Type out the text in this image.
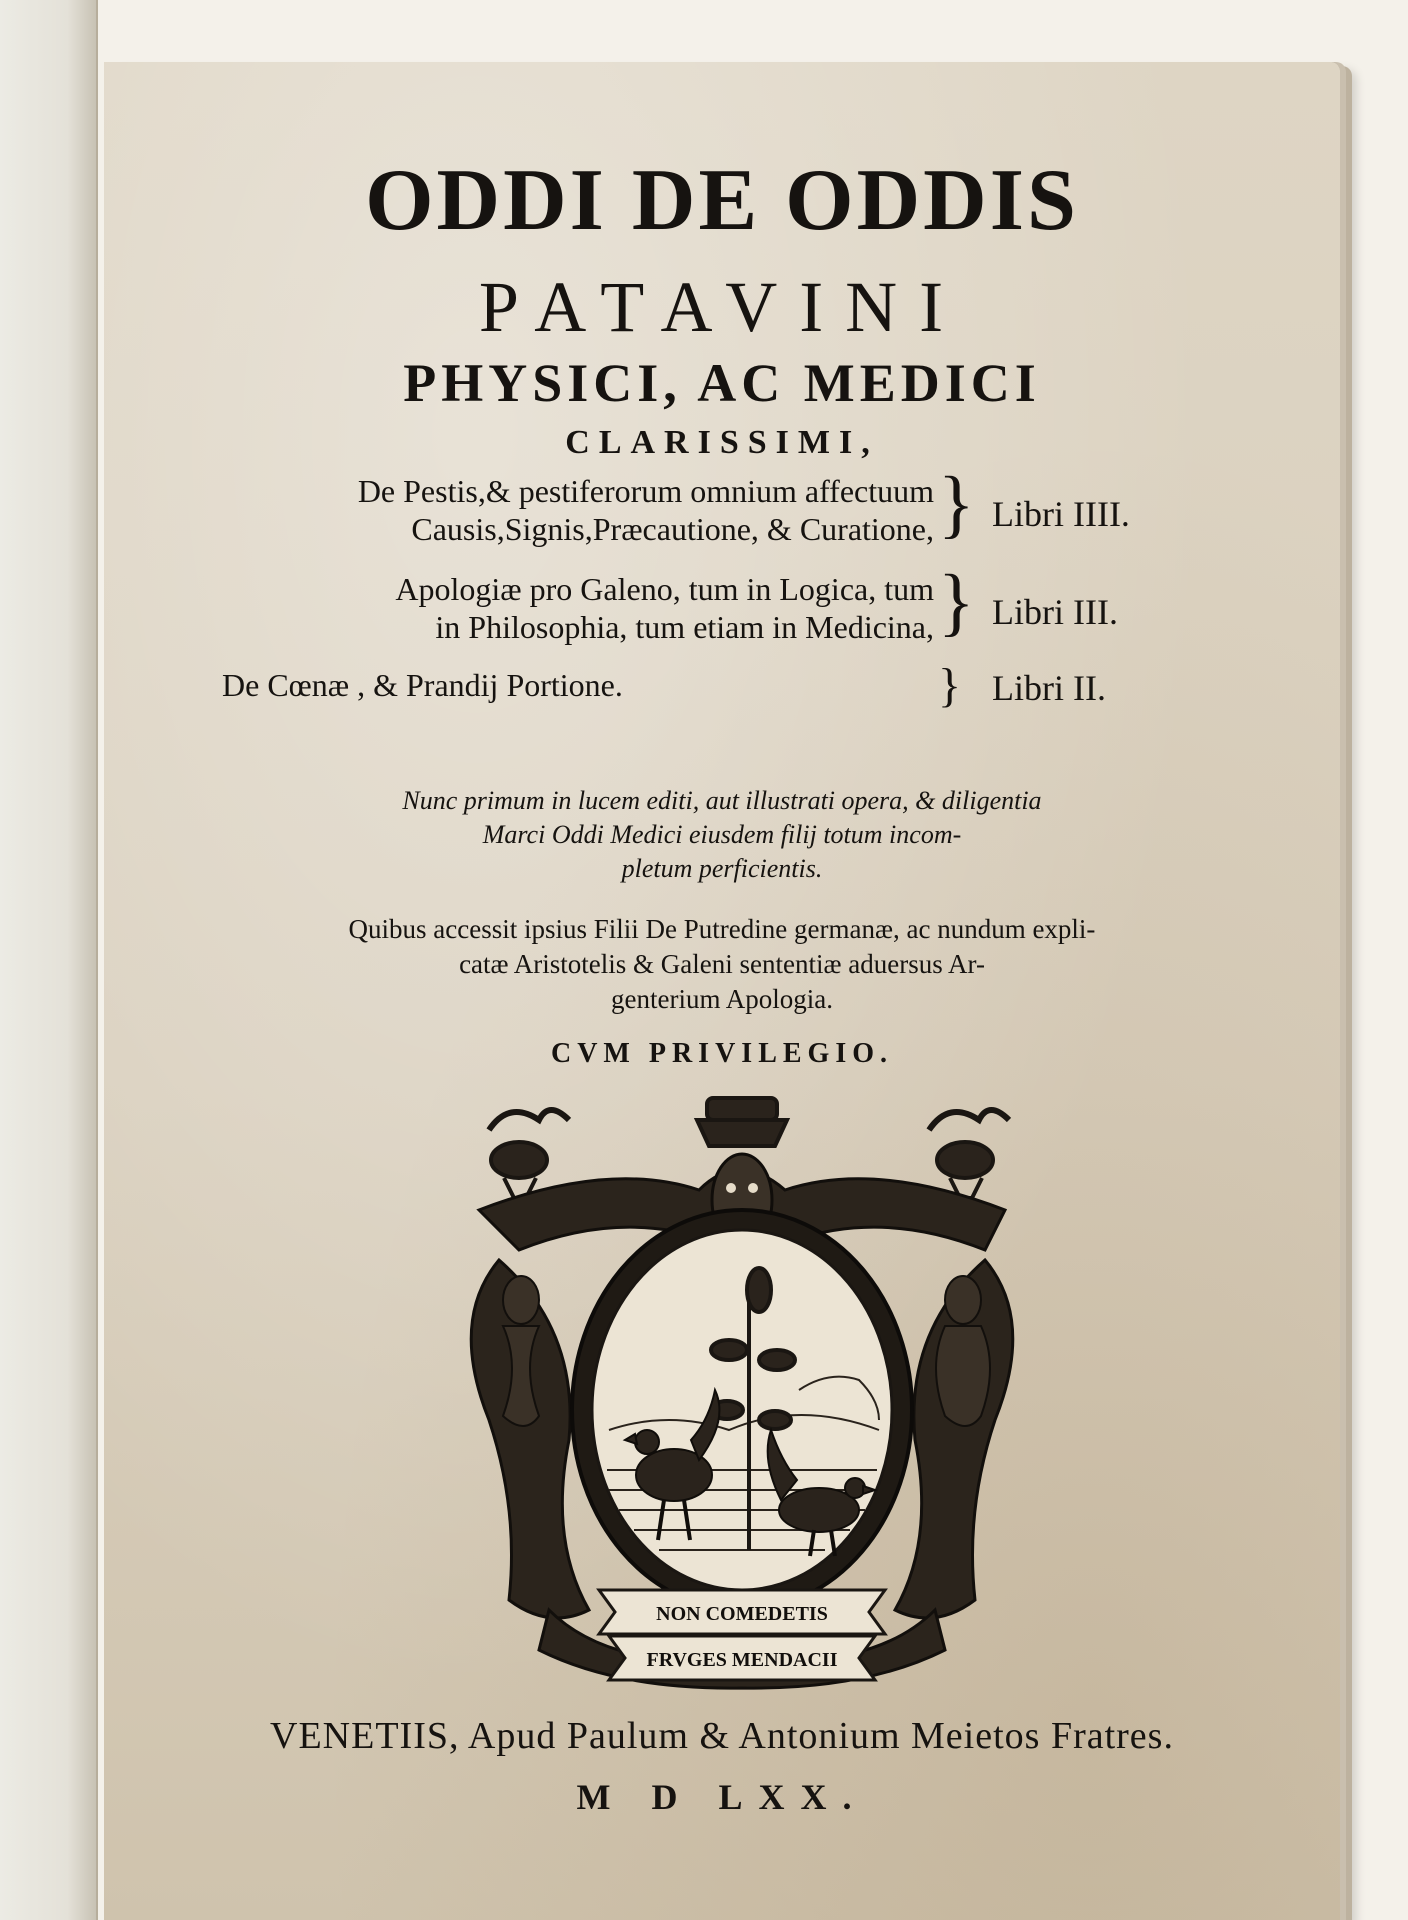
ODDI DE ODDIS
PATAVINI
PHYSICI, AC MEDICI
CLARISSIMI,
De Pestis,& pestiferorum omnium affectuum
Causis,Signis,Præcautione, & Curatione, } Libri IIII.
Apologiæ pro Galeno, tum in Logica, tum
in Philosophia, tum etiam in Medicina, } Libri III.
De Cœnæ , & Prandij Portione.	} Libri II.
Nunc primum in lucem editi, aut illustrati opera, & diligentia
Marci Oddi Medici eiusdem filij totum incom-
pletum perficientis.
Quibus accessit ipsius Filii De Putredine germanæ, ac nundum expli-
catæ Aristotelis & Galeni sententiæ aduersus Ar-
genterium Apologia.
CVM PRIVILEGIO.
NON COMEDETIS
FRVGES MENDACII
VENETIIS, Apud Paulum & Antonium Meietos Fratres.
M D LXX.
